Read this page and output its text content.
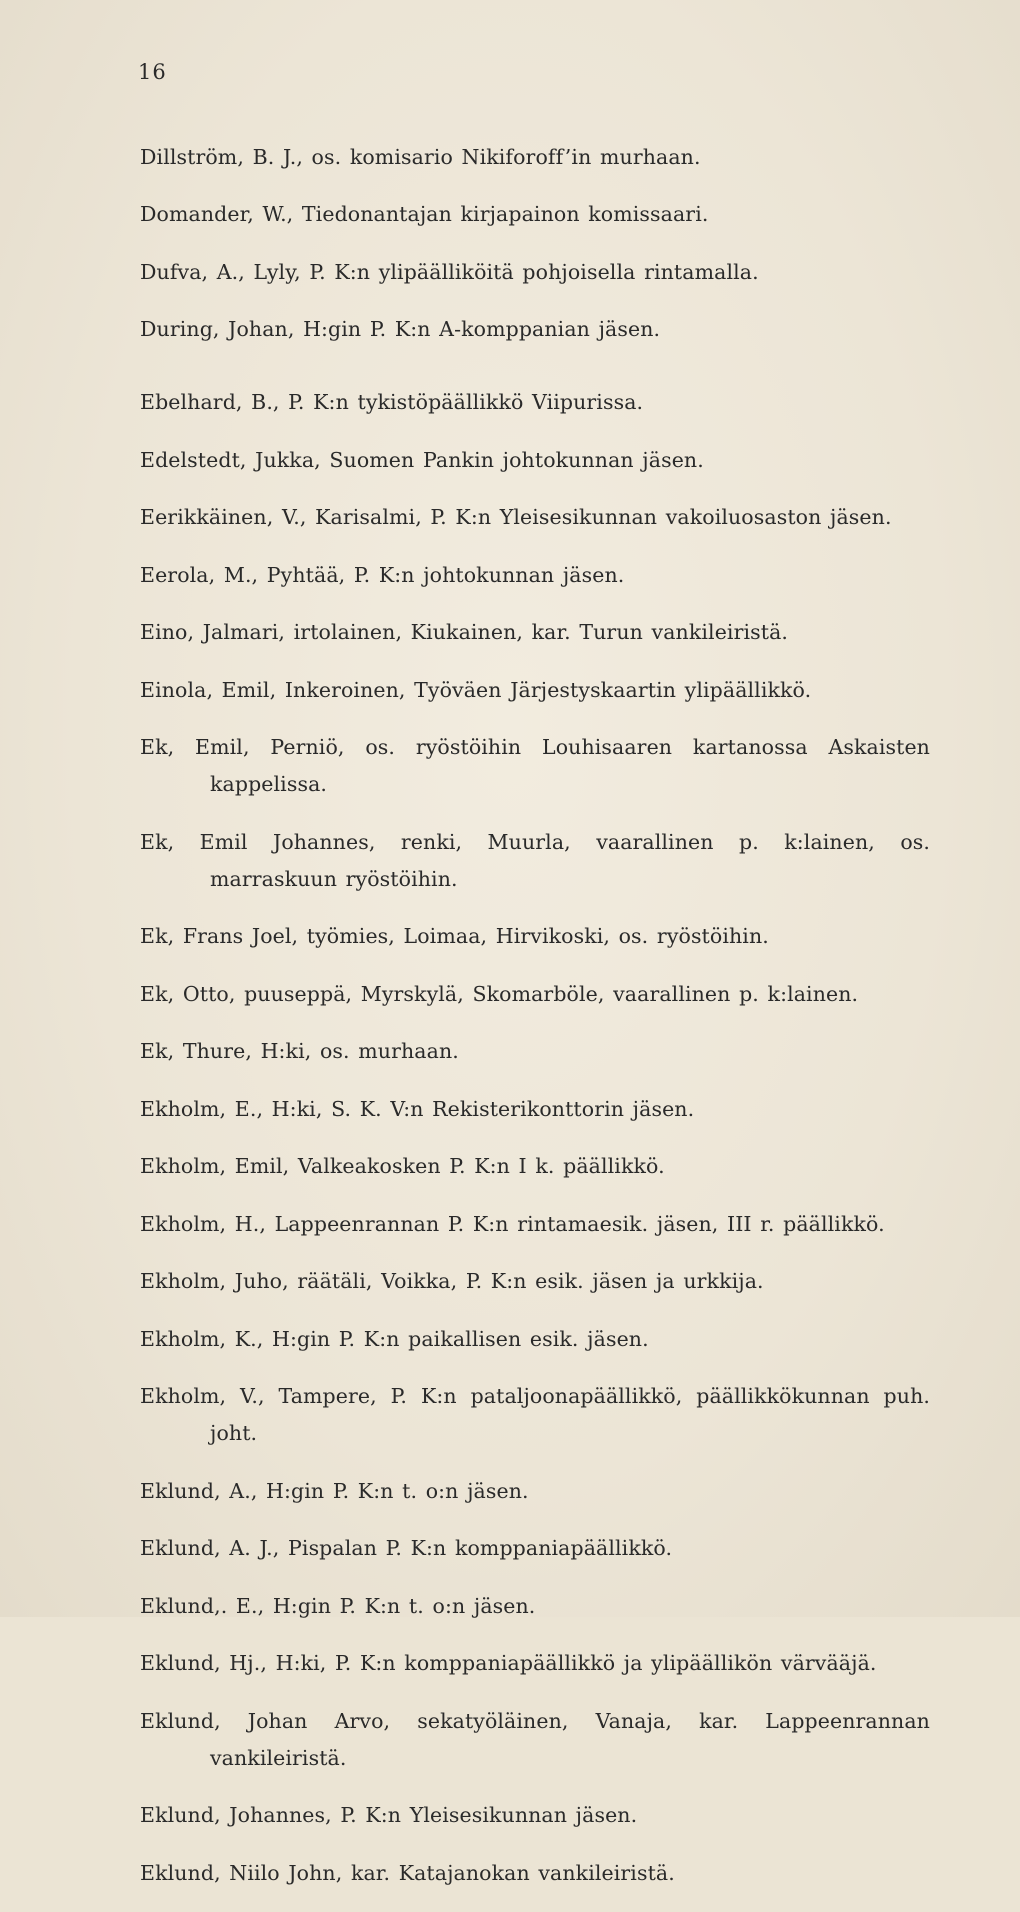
16

Dillström, B. J., os. komisario Nikiforoff’in murhaan.

Domander, W., Tiedonantajan kirjapainon komissaari.

Dufva, A., Lyly, P. K:n ylipäälliköitä pohjoisella rintamalla.

During, Johan, H:gin P. K:n A-komppanian jäsen.

Ebelhard, B., P. K:n tykistöpäällikkö Viipurissa.

Edelstedt, Jukka, Suomen Pankin johtokunnan jäsen.

Eerikkäinen, V., Karisalmi, P. K:n Yleisesikunnan vakoiluosaston jäsen.

Eerola, M., Pyhtää, P. K:n johtokunnan jäsen.

Eino, Jalmari, irtolainen, Kiukainen, kar. Turun vankileiristä.

Einola, Emil, Inkeroinen, Työväen Järjestyskaartin ylipäällikkö.

Ek, Emil, Perniö, os. ryöstöihin Louhisaaren kartanossa Askaisten kappelissa.

Ek, Emil Johannes, renki, Muurla, vaarallinen p. k:lainen, os. marraskuun ryöstöihin.

Ek, Frans Joel, työmies, Loimaa, Hirvikoski, os. ryöstöihin.

Ek, Otto, puuseppä, Myrskylä, Skomarböle, vaarallinen p. k:lainen.

Ek, Thure, H:ki, os. murhaan.

Ekholm, E., H:ki, S. K. V:n Rekisterikonttorin jäsen.

Ekholm, Emil, Valkeakosken P. K:n I k. päällikkö.

Ekholm, H., Lappeenrannan P. K:n rintamaesik. jäsen, III r. päällikkö.

Ekholm, Juho, räätäli, Voikka, P. K:n esik. jäsen ja urkkija.

Ekholm, K., H:gin P. K:n paikallisen esik. jäsen.

Ekholm, V., Tampere, P. K:n pataljoonapäällikkö, päällikkökunnan puh. joht.

Eklund, A., H:gin P. K:n t. o:n jäsen.

Eklund, A. J., Pispalan P. K:n komppaniapäällikkö.

Eklund,. E., H:gin P. K:n t. o:n jäsen.

Eklund, Hj., H:ki, P. K:n komppaniapäällikkö ja ylipäällikön värvääjä.

Eklund, Johan Arvo, sekatyöläinen, Vanaja, kar. Lappeenrannan vankileiristä.

Eklund, Johannes, P. K:n Yleisesikunnan jäsen.

Eklund, Niilo John, kar. Katajanokan vankileiristä.
